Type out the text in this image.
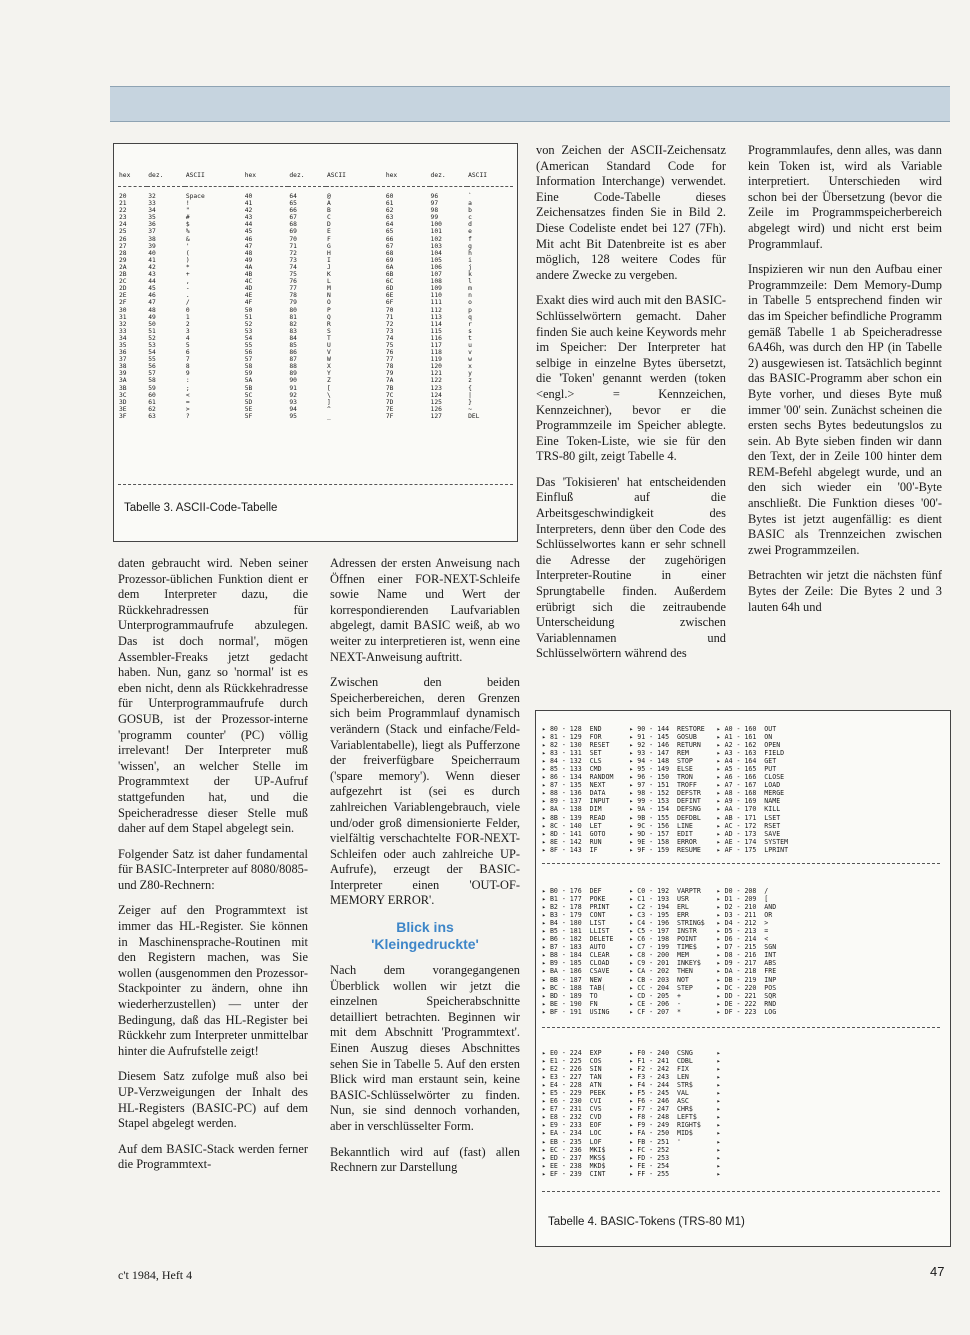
hex	dez.	ASCII	hex	dez.	ASCII	hex	dez.	ASCII

20	32	Space	40	64	@	60	96	`
21	33	!	41	65	A	61	97	a
22	34	"	42	66	B	62	98	b
23	35	#	43	67	C	63	99	c
24	36	$	44	68	D	64	100	d
25	37	%	45	69	E	65	101	e
26	38	&	46	70	F	66	102	f
27	39	'	47	71	G	67	103	g
28	40	(	48	72	H	68	104	h
29	41	)	49	73	I	69	105	i
2A	42	*	4A	74	J	6A	106	j
2B	43	+	4B	75	K	6B	107	k
2C	44	,	4C	76	L	6C	108	l
2D	45	-	4D	77	M	6D	109	m
2E	46	.	4E	78	N	6E	110	n
2F	47	/	4F	79	O	6F	111	o
30	48	0	50	80	P	70	112	p
31	49	1	51	81	Q	71	113	q
32	50	2	52	82	R	72	114	r
33	51	3	53	83	S	73	115	s
34	52	4	54	84	T	74	116	t
35	53	5	55	85	U	75	117	u
36	54	6	56	86	V	76	118	v
37	55	7	57	87	W	77	119	w
38	56	8	58	88	X	78	120	x
39	57	9	59	89	Y	79	121	y
3A	58	:	5A	90	Z	7A	122	z
3B	59	;	5B	91	[	7B	123	{
3C	60	<	5C	92	\	7C	124	|
3D	61	=	5D	93	]	7D	125	}
3E	62	>	5E	94	^	7E	126	~
3F	63	?	5F	95	_	7F	127	DEL
Tabelle 3. ASCII-Code-Tabelle

daten gebraucht wird. Neben seiner Prozessor-üblichen Funktion dient er dem Interpreter dazu, die Rückkehradressen für Unterprogrammaufrufe abzulegen. Das ist doch normal', mögen Assembler-Freaks jetzt gedacht haben. Nun, ganz so 'normal' ist es eben nicht, denn als Rückkehradresse für Unterprogrammaufrufe durch GOSUB, ist der Prozessor-interne 'programm counter' (PC) völlig irrelevant! Der Interpreter muß 'wissen', an welcher Stelle im Programmtext der UP-Aufruf stattgefunden hat, und die Speicheradresse dieser Stelle muß daher auf dem Stapel abgelegt sein.

Folgender Satz ist daher fundamental für BASIC-Interpreter auf 8080/8085- und Z80-Rechnern:

Zeiger auf den Programmtext ist immer das HL-Register. Sie können in Maschinensprache-Routinen mit den Registern machen, was Sie wollen (ausgenommen den Prozessor-Stackpointer zu ändern, ohne ihn wiederherzustellen) — unter der Bedingung, daß das HL-Register bei Rückkehr zum Interpreter unmittelbar hinter die Aufrufstelle zeigt!

Diesem Satz zufolge muß also bei UP-Verzweigungen der Inhalt des HL-Registers (BASIC-PC) auf dem Stapel abgelegt werden.

Auf dem BASIC-Stack werden ferner die Programmtext-

Adressen der ersten Anweisung nach Öffnen einer FOR-NEXT-Schleife sowie Name und Wert der korrespondierenden Laufvariablen abgelegt, damit BASIC weiß, ab wo weiter zu interpretieren ist, wenn eine NEXT-Anweisung auftritt.

Zwischen den beiden Speicherbereichen, deren Grenzen sich beim Programmlauf dynamisch verändern (Stack und einfache/Feld-Variablentabelle), liegt als Pufferzone der freiverfügbare Speicherraum ('spare memory'). Wenn dieser aufgezehrt ist (sei es durch zahlreichen Variablengebrauch, viele und/oder groß dimensionierte Felder, vielfältig verschachtelte FOR-NEXT-Schleifen oder auch zahlreiche UP-Aufrufe), erzeugt der BASIC-Interpreter einen 'OUT-OF-MEMORY ERROR'.

Blick ins
'Kleingedruckte'

Nach dem vorangegangenen Überblick wollen wir jetzt die einzelnen Speicherabschnitte detailliert betrachten. Beginnen wir mit dem Abschnitt 'Programmtext'. Einen Auszug dieses Abschnittes sehen Sie in Tabelle 5. Auf den ersten Blick wird man erstaunt sein, keine BASIC-Schlüsselwörter zu finden. Nun, sie sind dennoch vorhanden, aber in verschlüsselter Form.

Bekanntlich wird auf (fast) allen Rechnern zur Darstellung

von Zeichen der ASCII-Zeichensatz (American Standard Code for Information Interchange) verwendet. Eine Code-Tabelle dieses Zeichensatzes finden Sie in Bild 2. Diese Codeliste endet bei 127 (7Fh). Mit acht Bit Datenbreite ist es aber möglich, 128 weitere Codes für andere Zwecke zu vergeben.

Exakt dies wird auch mit den BASIC-Schlüsselwörtern gemacht. Daher finden Sie auch keine Keywords mehr im Speicher: Der Interpreter hat selbige in einzelne Bytes übersetzt, die 'Token' genannt werden (token <engl.> = Kennzeichen, Kennzeichner), bevor er die Programmzeile im Speicher ablegte. Eine Token-Liste, wie sie für den TRS-80 gilt, zeigt Tabelle 4.

Das 'Tokisieren' hat entscheidenden Einfluß auf die Arbeitsgeschwindigkeit des Interpreters, denn über den Code des Schlüsselwortes kann er sehr schnell die Adresse der zugehörigen Interpreter-Routine in einer Sprungtabelle finden. Außerdem erübrigt sich die zeitraubende Unterscheidung zwischen Variablennamen und Schlüsselwörtern während des

Programmlaufes, denn alles, was dann kein Token ist, wird als Variable interpretiert. Unterschieden wird schon bei der Übersetzung (bevor die Zeile im Programmspeicherbereich abgelegt wird) und nicht erst beim Programmlauf.

Inspizieren wir nun den Aufbau einer Programmzeile: Dem Memory-Dump in Tabelle 5 entsprechend finden wir das im Speicher befindliche Programm gemäß Tabelle 1 ab Speicheradresse 6A46h, was durch den HP (in Tabelle 2) ausgewiesen ist. Tatsächlich beginnt das BASIC-Programm aber schon ein Byte vorher, und dieses Byte muß immer '00' sein. Zunächst scheinen die ersten sechs Bytes bedeutungslos zu sein. Ab Byte sieben finden wir dann den Text, der in Zeile 100 hinter dem REM-Befehl abgelegt wurde, und an den sich wieder ein '00'-Byte anschließt. Die Funktion dieses '00'-Bytes ist jetzt augenfällig: es dient BASIC als Trennzeichen zwischen zwei Programmzeilen.

Betrachten wir jetzt die nächsten fünf Bytes der Zeile: Die Bytes 2 und 3 lauten 64h und

▸ 80 - 128  END       ▸ 90 - 144  RESTORE   ▸ A0 - 160  OUT
▸ 81 - 129  FOR       ▸ 91 - 145  GOSUB     ▸ A1 - 161  ON
▸ 82 - 130  RESET     ▸ 92 - 146  RETURN    ▸ A2 - 162  OPEN
▸ 83 - 131  SET       ▸ 93 - 147  REM       ▸ A3 - 163  FIELD
▸ 84 - 132  CLS       ▸ 94 - 148  STOP      ▸ A4 - 164  GET
▸ 85 - 133  CMD       ▸ 95 - 149  ELSE      ▸ A5 - 165  PUT
▸ 86 - 134  RANDOM    ▸ 96 - 150  TRON      ▸ A6 - 166  CLOSE
▸ 87 - 135  NEXT      ▸ 97 - 151  TROFF     ▸ A7 - 167  LOAD
▸ 88 - 136  DATA      ▸ 98 - 152  DEFSTR    ▸ A8 - 168  MERGE
▸ 89 - 137  INPUT     ▸ 99 - 153  DEFINT    ▸ A9 - 169  NAME
▸ 8A - 138  DIM       ▸ 9A - 154  DEFSNG    ▸ AA - 170  KILL
▸ 8B - 139  READ      ▸ 9B - 155  DEFDBL    ▸ AB - 171  LSET
▸ 8C - 140  LET       ▸ 9C - 156  LINE      ▸ AC - 172  RSET
▸ 8D - 141  GOTO      ▸ 9D - 157  EDIT      ▸ AD - 173  SAVE
▸ 8E - 142  RUN       ▸ 9E - 158  ERROR     ▸ AE - 174  SYSTEM
▸ 8F - 143  IF        ▸ 9F - 159  RESUME    ▸ AF - 175  LPRINT
▸ B0 - 176  DEF       ▸ C0 - 192  VARPTR    ▸ D0 - 208  /
▸ B1 - 177  POKE      ▸ C1 - 193  USR       ▸ D1 - 209  [
▸ B2 - 178  PRINT     ▸ C2 - 194  ERL       ▸ D2 - 210  AND
▸ B3 - 179  CONT      ▸ C3 - 195  ERR       ▸ D3 - 211  OR
▸ B4 - 180  LIST      ▸ C4 - 196  STRING$   ▸ D4 - 212  >
▸ B5 - 181  LLIST     ▸ C5 - 197  INSTR     ▸ D5 - 213  =
▸ B6 - 182  DELETE    ▸ C6 - 198  POINT     ▸ D6 - 214  <
▸ B7 - 183  AUTO      ▸ C7 - 199  TIME$     ▸ D7 - 215  SGN
▸ B8 - 184  CLEAR     ▸ C8 - 200  MEM       ▸ D8 - 216  INT
▸ B9 - 185  CLOAD     ▸ C9 - 201  INKEY$    ▸ D9 - 217  ABS
▸ BA - 186  CSAVE     ▸ CA - 202  THEN      ▸ DA - 218  FRE
▸ BB - 187  NEW       ▸ CB - 203  NOT       ▸ DB - 219  INP
▸ BC - 188  TAB(      ▸ CC - 204  STEP      ▸ DC - 220  POS
▸ BD - 189  TO        ▸ CD - 205  +         ▸ DD - 221  SQR
▸ BE - 190  FN        ▸ CE - 206  -         ▸ DE - 222  RND
▸ BF - 191  USING     ▸ CF - 207  *         ▸ DF - 223  LOG
▸ E0 - 224  EXP       ▸ F0 - 240  CSNG      ▸
▸ E1 - 225  COS       ▸ F1 - 241  CDBL      ▸
▸ E2 - 226  SIN       ▸ F2 - 242  FIX       ▸
▸ E3 - 227  TAN       ▸ F3 - 243  LEN       ▸
▸ E4 - 228  ATN       ▸ F4 - 244  STR$      ▸
▸ E5 - 229  PEEK      ▸ F5 - 245  VAL       ▸
▸ E6 - 230  CVI       ▸ F6 - 246  ASC       ▸
▸ E7 - 231  CVS       ▸ F7 - 247  CHR$      ▸
▸ E8 - 232  CVD       ▸ F8 - 248  LEFT$     ▸
▸ E9 - 233  EOF       ▸ F9 - 249  RIGHT$    ▸
▸ EA - 234  LOC       ▸ FA - 250  MID$      ▸
▸ EB - 235  LOF       ▸ FB - 251  '         ▸
▸ EC - 236  MKI$      ▸ FC - 252            ▸
▸ ED - 237  MKS$      ▸ FD - 253            ▸
▸ EE - 238  MKD$      ▸ FE - 254            ▸
▸ EF - 239  CINT      ▸ FF - 255            ▸
Tabelle 4. BASIC-Tokens (TRS-80 M1)
c't 1984, Heft 4	47
